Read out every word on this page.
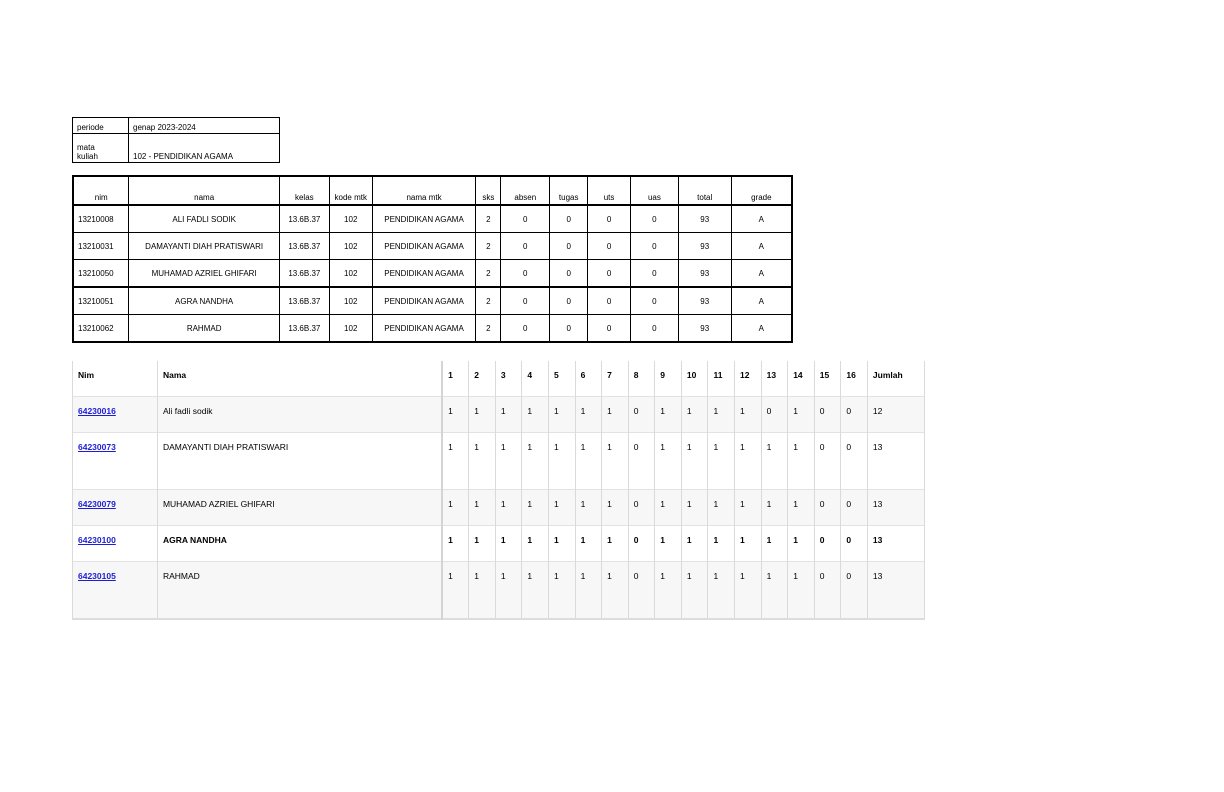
periode	genap 2023-2024

mata kuliah	102 - PENDIDIKAN AGAMA
nim	nama	kelas	kode mtk	nama mtk	sks	absen	tugas	uts	uas	total	grade
13210008	ALI FADLI SODIK	13.6B.37	102	PENDIDIKAN AGAMA	2	0	0	0	0	93	A
13210031	DAMAYANTI DIAH PRATISWARI	13.6B.37	102	PENDIDIKAN AGAMA	2	0	0	0	0	93	A
13210050	MUHAMAD AZRIEL GHIFARI	13.6B.37	102	PENDIDIKAN AGAMA	2	0	0	0	0	93	A
13210051	AGRA NANDHA	13.6B.37	102	PENDIDIKAN AGAMA	2	0	0	0	0	93	A
13210062	RAHMAD	13.6B.37	102	PENDIDIKAN AGAMA	2	0	0	0	0	93	A
Nim	Nama	1	2	3	4	5	6	7	8	9	10	11	12	13	14	15	16	Jumlah
64230016	Ali fadli sodik	1	1	1	1	1	1	1	0	1	1	1	1	0	1	0	0	12
64230073	DAMAYANTI DIAH PRATISWARI	1	1	1	1	1	1	1	0	1	1	1	1	1	1	0	0	13
64230079	MUHAMAD AZRIEL GHIFARI	1	1	1	1	1	1	1	0	1	1	1	1	1	1	0	0	13
64230100	AGRA NANDHA	1	1	1	1	1	1	1	0	1	1	1	1	1	1	0	0	13
64230105	RAHMAD	1	1	1	1	1	1	1	0	1	1	1	1	1	1	0	0	13
